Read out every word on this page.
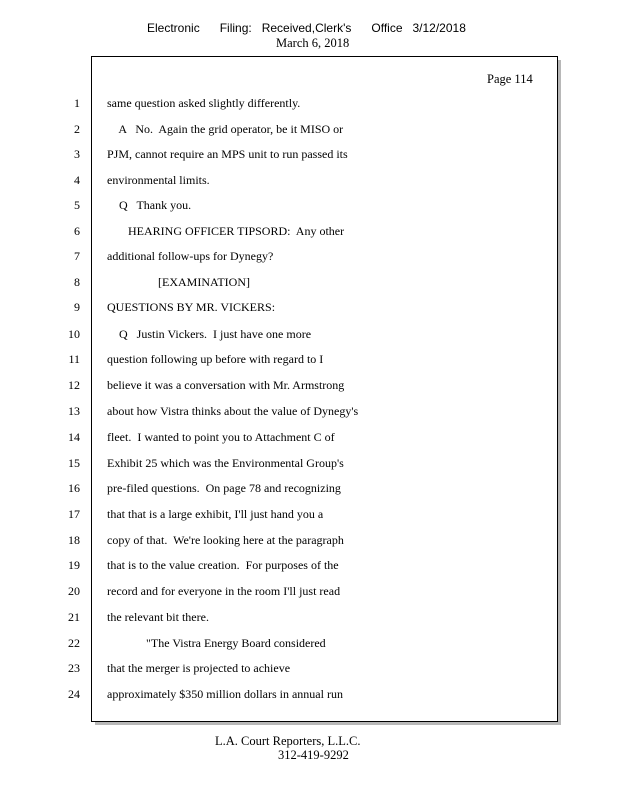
Electronic      Filing:   Received,Clerk's      Office   3/12/2018
March 6, 2018
Page 114
1 same question asked slightly differently.
2 A   No.  Again the grid operator, be it MISO or
3 PJM, cannot require an MPS unit to run passed its
4 environmental limits.
5 Q   Thank you.
6 HEARING OFFICER TIPSORD:  Any other
7 additional follow-ups for Dynegy?
8 [EXAMINATION]
9 QUESTIONS BY MR. VICKERS:
10 Q   Justin Vickers.  I just have one more
11 question following up before with regard to I
12 believe it was a conversation with Mr. Armstrong
13 about how Vistra thinks about the value of Dynegy's
14 fleet.  I wanted to point you to Attachment C of
15 Exhibit 25 which was the Environmental Group's
16 pre-filed questions.  On page 78 and recognizing
17 that that is a large exhibit, I'll just hand you a
18 copy of that.  We're looking here at the paragraph
19 that is to the value creation.  For purposes of the
20 record and for everyone in the room I'll just read
21 the relevant bit there.
22 "The Vistra Energy Board considered
23 that the merger is projected to achieve
24 approximately $350 million dollars in annual run
L.A. Court Reporters, L.L.C.
312-419-9292
